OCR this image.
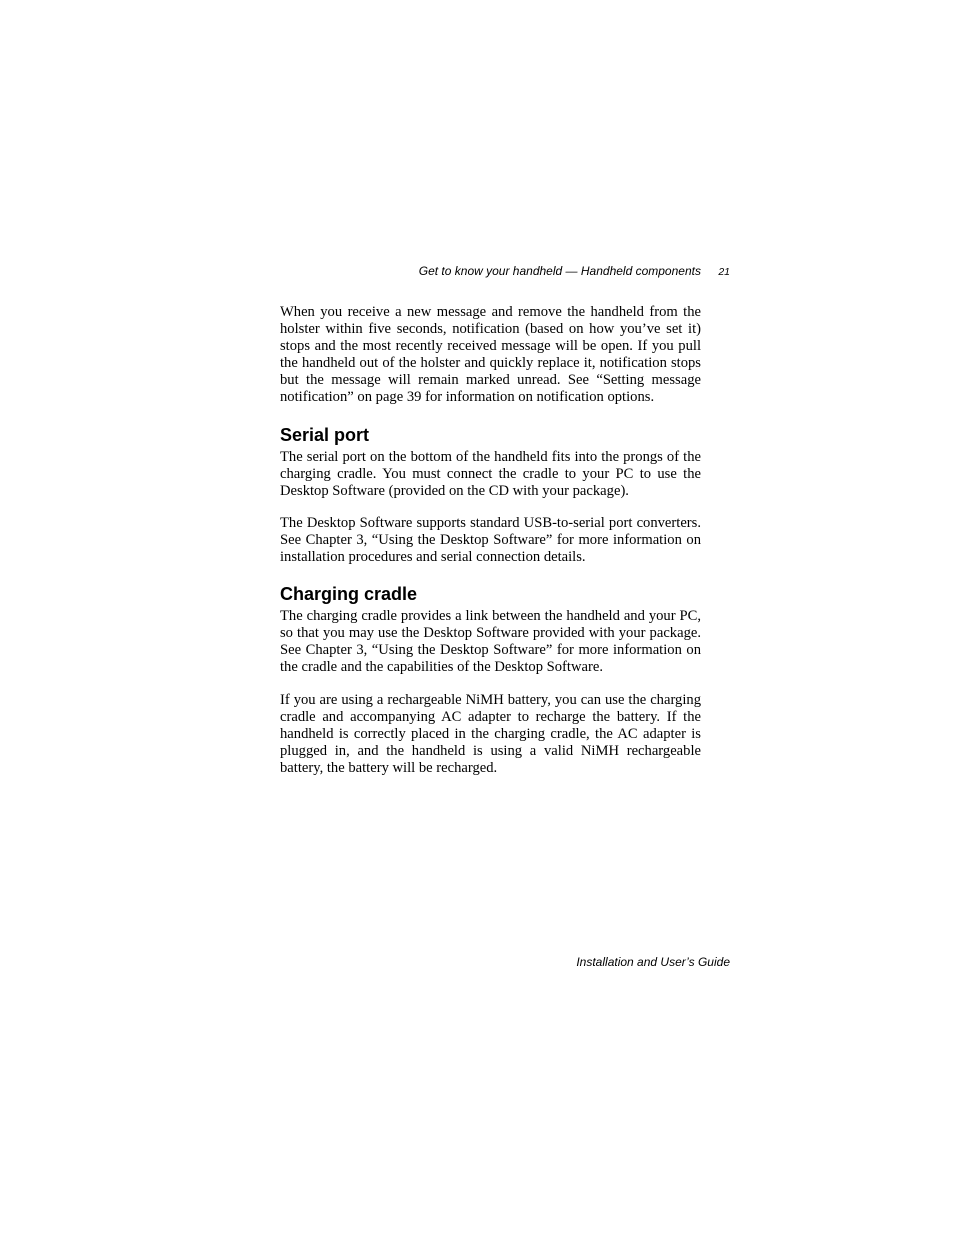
Get to know your handheld — Handheld components 21

When you receive a new message and remove the handheld from the holster within five seconds, notification (based on how you’ve set it) stops and the most recently received message will be open. If you pull the handheld out of the holster and quickly replace it, notification stops but the message will remain marked unread. See “Setting message notification” on page 39 for information on notification options.

Serial port

The serial port on the bottom of the handheld fits into the prongs of the charging cradle. You must connect the cradle to your PC to use the Desktop Software (provided on the CD with your package).

The Desktop Software supports standard USB-to-serial port converters. See Chapter 3, “Using the Desktop Software” for more information on installation procedures and serial connection details.

Charging cradle

The charging cradle provides a link between the handheld and your PC, so that you may use the Desktop Software provided with your package. See Chapter 3, “Using the Desktop Software” for more information on the cradle and the capabilities of the Desktop Software.

If you are using a rechargeable NiMH battery, you can use the charging cradle and accompanying AC adapter to recharge the battery. If the handheld is correctly placed in the charging cradle, the AC adapter is plugged in, and the handheld is using a valid NiMH rechargeable battery, the battery will be recharged.

Installation and User’s Guide
